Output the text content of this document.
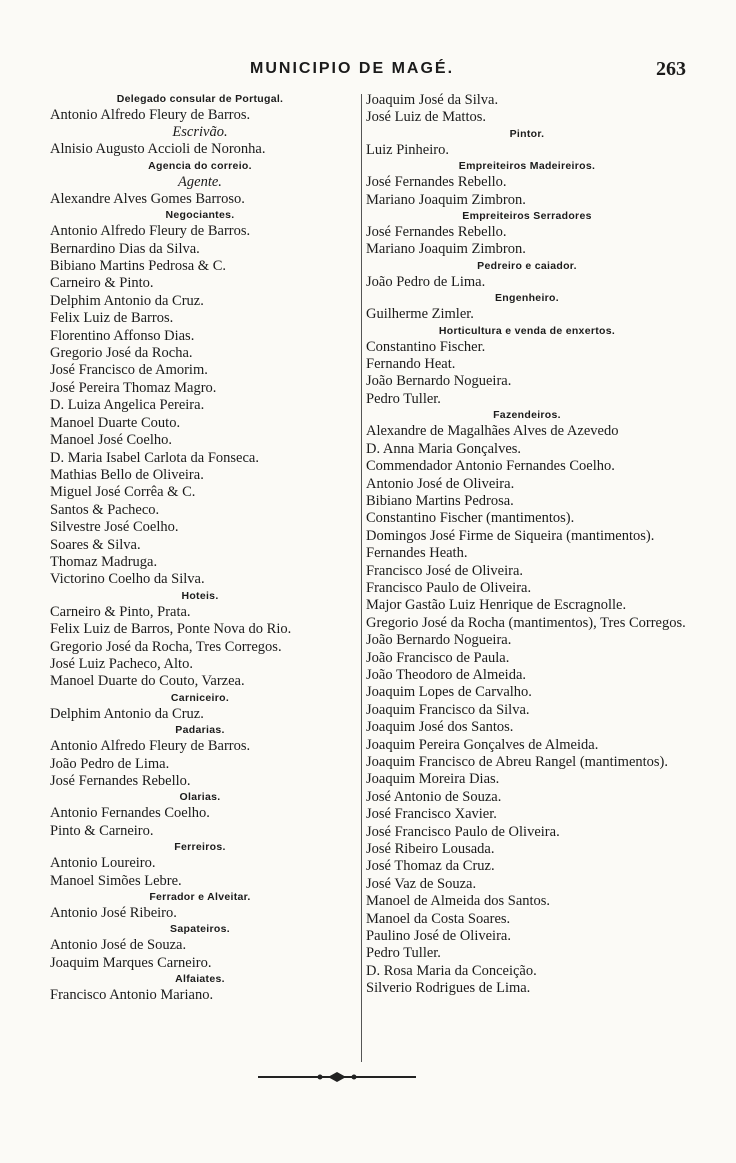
MUNICIPIO DE MAGÉ.	263
Delegado consular de Portugal.
Antonio Alfredo Fleury de Barros.
Escrivão.
Alnisio Augusto Accioli de Noronha.
Agencia do correio.
Agente.
Alexandre Alves Gomes Barroso.
Negociantes.
Antonio Alfredo Fleury de Barros.
Bernardino Dias da Silva.
Bibiano Martins Pedrosa & C.
Carneiro & Pinto.
Delphim Antonio da Cruz.
Felix Luiz de Barros.
Florentino Affonso Dias.
Gregorio José da Rocha.
José Francisco de Amorim.
José Pereira Thomaz Magro.
D. Luiza Angelica Pereira.
Manoel Duarte Couto.
Manoel José Coelho.
D. Maria Isabel Carlota da Fonseca.
Mathias Bello de Oliveira.
Miguel José Corrêa & C.
Santos & Pacheco.
Silvestre José Coelho.
Soares & Silva.
Thomaz Madruga.
Victorino Coelho da Silva.
Hoteis.
Carneiro & Pinto, Prata.
Felix Luiz de Barros, Ponte Nova do Rio.
Gregorio José da Rocha, Tres Corregos.
José Luiz Pacheco, Alto.
Manoel Duarte do Couto, Varzea.
Carniceiro.
Delphim Antonio da Cruz.
Padarias.
Antonio Alfredo Fleury de Barros.
João Pedro de Lima.
José Fernandes Rebello.
Olarias.
Antonio Fernandes Coelho.
Pinto & Carneiro.
Ferreiros.
Antonio Loureiro.
Manoel Simões Lebre.
Ferrador e Alveitar.
Antonio José Ribeiro.
Sapateiros.
Antonio José de Souza.
Joaquim Marques Carneiro.
Alfaiates.
Francisco Antonio Mariano.
Joaquim José da Silva.
José Luiz de Mattos.
Pintor.
Luiz Pinheiro.
Empreiteiros Madeireiros.
José Fernandes Rebello.
Mariano Joaquim Zimbron.
Empreiteiros Serradores
José Fernandes Rebello.
Mariano Joaquim Zimbron.
Pedreiro e caiador.
João Pedro de Lima.
Engenheiro.
Guilherme Zimler.
Horticultura e venda de enxertos.
Constantino Fischer.
Fernando Heat.
João Bernardo Nogueira.
Pedro Tuller.
Fazendeiros.
Alexandre de Magalhães Alves de Azevedo
D. Anna Maria Gonçalves.
Commendador Antonio Fernandes Coelho.
Antonio José de Oliveira.
Bibiano Martins Pedrosa.
Constantino Fischer (mantimentos).
Domingos José Firme de Siqueira (mantimentos).
Fernandes Heath.
Francisco José de Oliveira.
Francisco Paulo de Oliveira.
Major Gastão Luiz Henrique de Escragnolle.
Gregorio José da Rocha (mantimentos), Tres Corregos.
João Bernardo Nogueira.
João Francisco de Paula.
João Theodoro de Almeida.
Joaquim Lopes de Carvalho.
Joaquim Francisco da Silva.
Joaquim José dos Santos.
Joaquim Pereira Gonçalves de Almeida.
Joaquim Francisco de Abreu Rangel (mantimentos).
Joaquim Moreira Dias.
José Antonio de Souza.
José Francisco Xavier.
José Francisco Paulo de Oliveira.
José Ribeiro Lousada.
José Thomaz da Cruz.
José Vaz de Souza.
Manoel de Almeida dos Santos.
Manoel da Costa Soares.
Paulino José de Oliveira.
Pedro Tuller.
D. Rosa Maria da Conceição.
Silverio Rodrigues de Lima.
